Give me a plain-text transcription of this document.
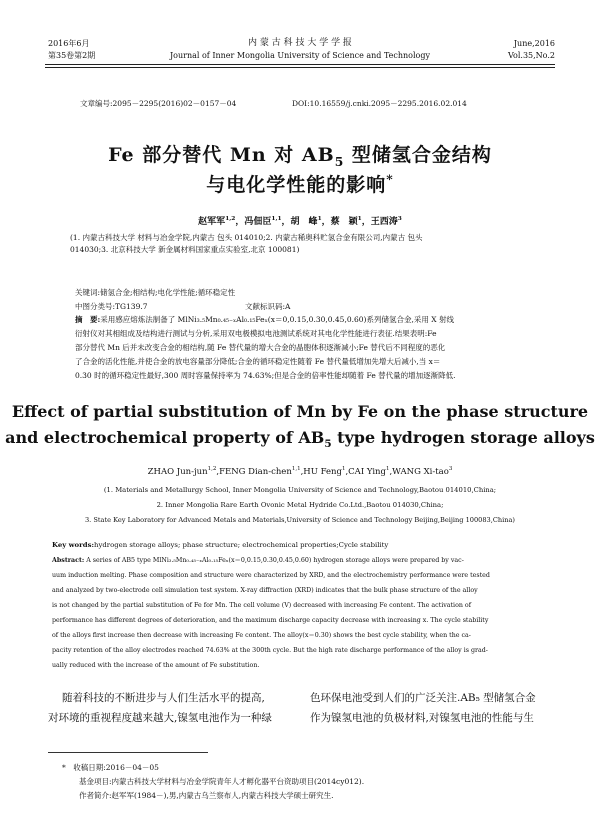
2016年6月
第35卷第2期
内 蒙 古 科 技 大 学 学 报
Journal of Inner Mongolia University of Science and Technology
June,2016
Vol.35,No.2
文章编号:2095－2295(2016)02－0157－04	DOI:10.16559/j.cnki.2095－2295.2016.02.014
Fe 部分替代 Mn 对 $AB_5$ 型储氢合金结构
与电化学性能的影响*
赵军军$^{1,2}$，冯佃臣$^{1,1}$，胡　峰$^1$，蔡　颖$^1$，王西涛$^3$
(1. 内蒙古科技大学 材料与冶金学院,内蒙古 包头 014010;2. 内蒙古稀奥科贮氢合金有限公司,内蒙古 包头
014030;3. 北京科技大学 新金属材料国家重点实验室,北京 100081)
关键词:储氢合金;相结构;电化学性能;循环稳定性
中图分类号:TG139.7	文献标识码:A
摘　要:采用感应熔炼法制备了 MlNi₃.₅Mn₀.₄₅₋ₓAl₀.₁₅Feₓ(x＝0,0.15,0.30,0.45,0.60)系列储氢合金,采用 X 射线
衍射仪对其相组成及结构进行测试与分析,采用双电极模拟电池测试系统对其电化学性能进行表征.结果表明:Fe
部分替代 Mn 后并未改变合金的相结构,随 Fe 替代量的增大合金的晶胞体积逐渐减小;Fe 替代后不同程度的恶化
了合金的活化性能,并使合金的放电容量部分降低;合金的循环稳定性随着 Fe 替代量低增加先增大后减小,当 x＝
0.30 时的循环稳定性最好,300 周时容量保持率为 74.63%;但是合金的倍率性能却随着 Fe 替代量的增加逐渐降低.
Effect of partial substitution of Mn by Fe on the phase structure
and electrochemical property of $AB_5$ type hydrogen storage alloys
ZHAO Jun-jun$^{1,2}$,FENG Dian-chen$^{1,1}$,HU Feng$^1$,CAI Ying$^1$,WANG Xi-tao$^3$
(1. Materials and Metallurgy School, Inner Mongolia University of Science and Technology,Baotou 014010,China;
2. Inner Mongolia Rare Earth Ovonic Metal Hydride Co.Ltd.,Baotou 014030,China;
3. State Key Laboratory for Advanced Metals and Materials,University of Science and Technology Beijing,Beijing 100083,China)
Key words:hydrogen storage alloys; phase structure; electrochemical properties;Cycle stability
Abstract: A series of AB5 type MlNi₃.₅Mn₀.₄₅₋ₓAl₀.₁₅Feₓ(x＝0,0.15,0.30,0.45,0.60) hydrogen storage alloys were prepared by vac-
uum induction melting. Phase composition and structure were characterized by XRD, and the electrochemistry performance were tested
and analyzed by two-electrode cell simulation test system. X-ray diffraction (XRD) indicates that the bulk phase structure of the alloy
is not changed by the partial substitution of Fe for Mn. The cell volume (V) decreased with increasing Fe content. The activation of
performance has different degrees of deterioration, and the maximum discharge capacity decrease with increasing x. The cycle stability
of the alloys first increase then decrease with increasing Fe content. The alloy(x＝0.30) shows the best cycle stability, when the ca-
pacity retention of the alloy electrodes reached 74.63% at the 300th cycle. But the high rate discharge performance of the alloy is grad-
ually reduced with the increase of the amount of Fe substitution.
随着科技的不断进步与人们生活水平的提高,
对环境的重视程度越来越大,镍氢电池作为一种绿
色环保电池受到人们的广泛关注.AB₅ 型储氢合金
作为镍氢电池的负极材料,对镍氢电池的性能与生
*　 收稿日期:2016－04－05
基金项目:内蒙古科技大学材料与冶金学院青年人才孵化器平台资助项目(2014cy012).
作者简介:赵军军(1984－),男,内蒙古乌兰察布人,内蒙古科技大学硕士研究生.
